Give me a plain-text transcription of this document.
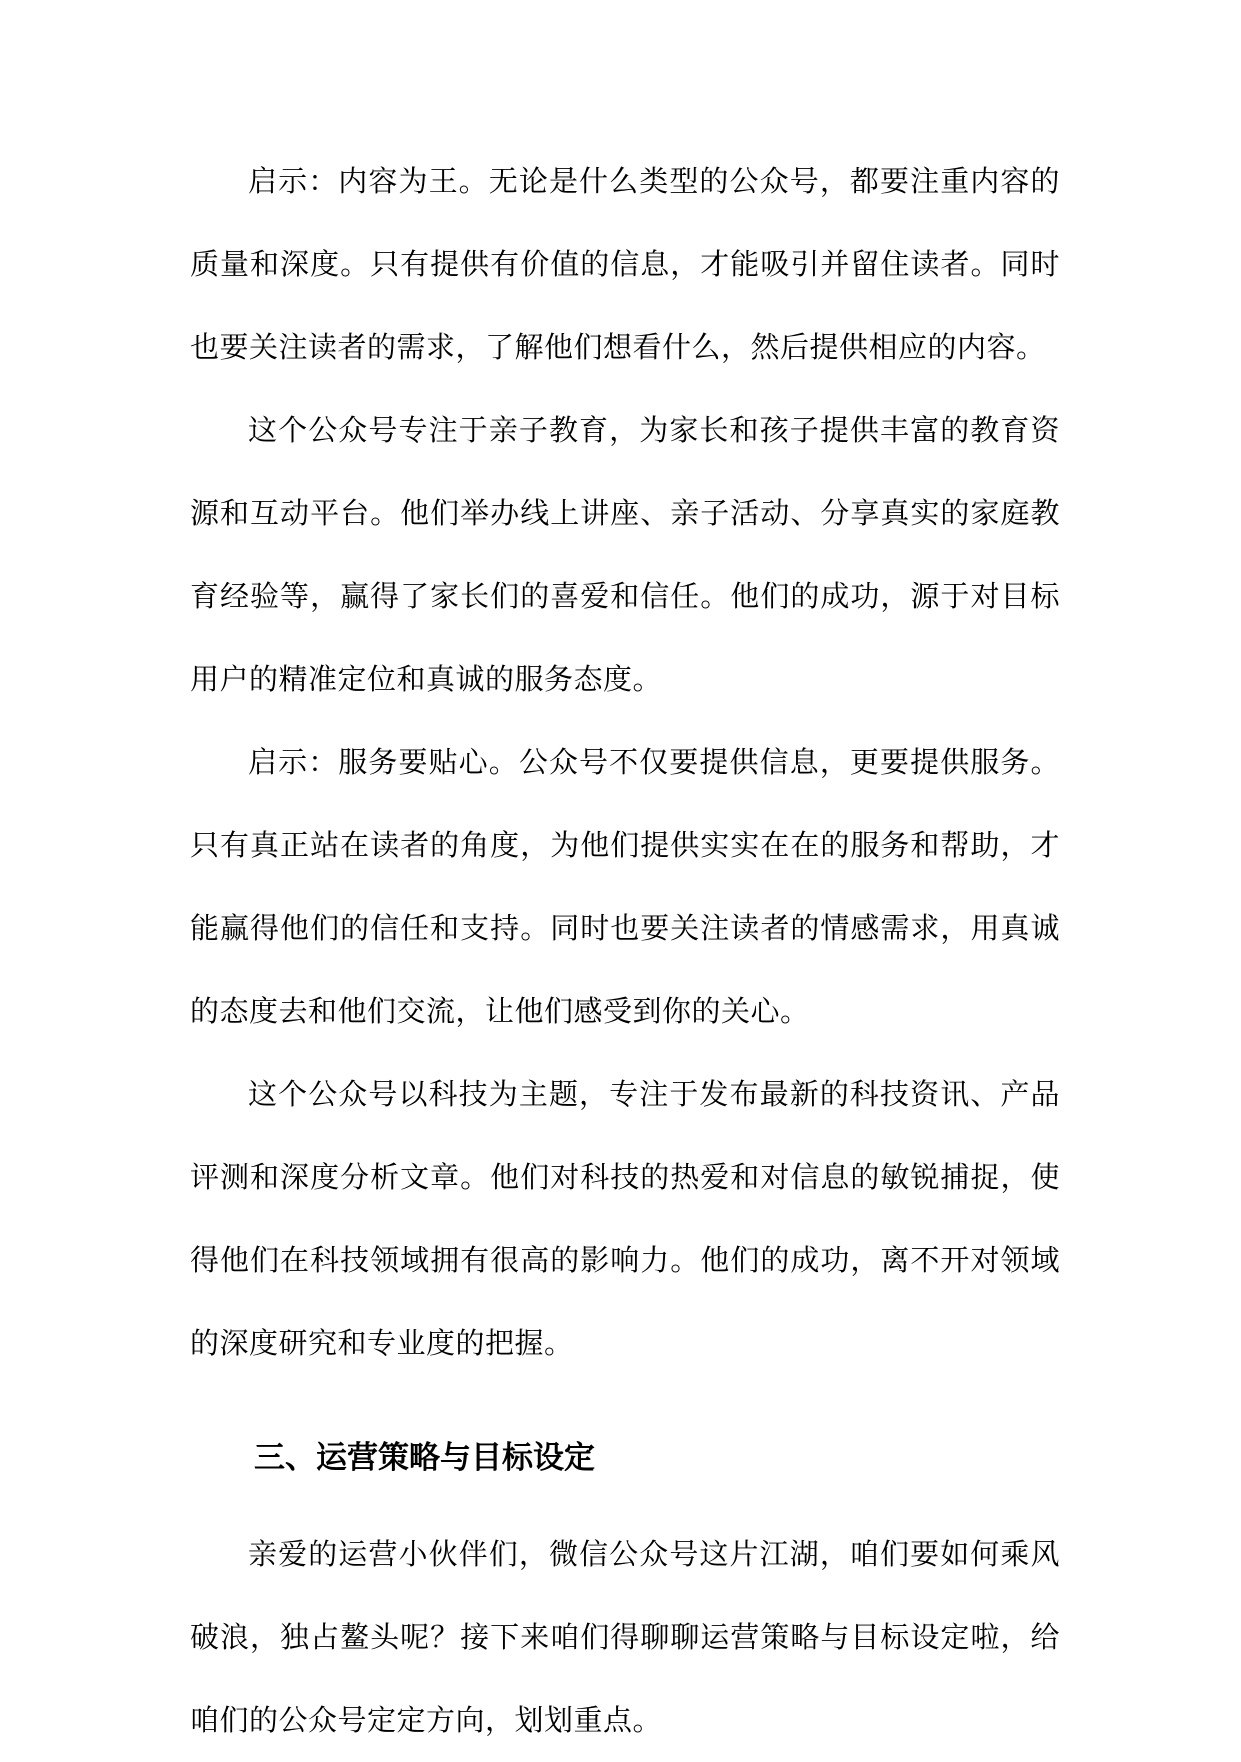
启示：内容为王。无论是什么类型的公众号，都要注重内容的质量和深度。只有提供有价值的信息，才能吸引并留住读者。同时也要关注读者的需求，了解他们想看什么，然后提供相应的内容。

这个公众号专注于亲子教育，为家长和孩子提供丰富的教育资源和互动平台。他们举办线上讲座、亲子活动、分享真实的家庭教育经验等，赢得了家长们的喜爱和信任。他们的成功，源于对目标用户的精准定位和真诚的服务态度。

启示：服务要贴心。公众号不仅要提供信息，更要提供服务。只有真正站在读者的角度，为他们提供实实在在的服务和帮助，才能赢得他们的信任和支持。同时也要关注读者的情感需求，用真诚的态度去和他们交流，让他们感受到你的关心。

这个公众号以科技为主题，专注于发布最新的科技资讯、产品评测和深度分析文章。他们对科技的热爱和对信息的敏锐捕捉，使得他们在科技领域拥有很高的影响力。他们的成功，离不开对领域的深度研究和专业度的把握。

三、运营策略与目标设定

亲爱的运营小伙伴们，微信公众号这片江湖，咱们要如何乘风破浪，独占鳌头呢？接下来咱们得聊聊运营策略与目标设定啦，给咱们的公众号定定方向，划划重点。
